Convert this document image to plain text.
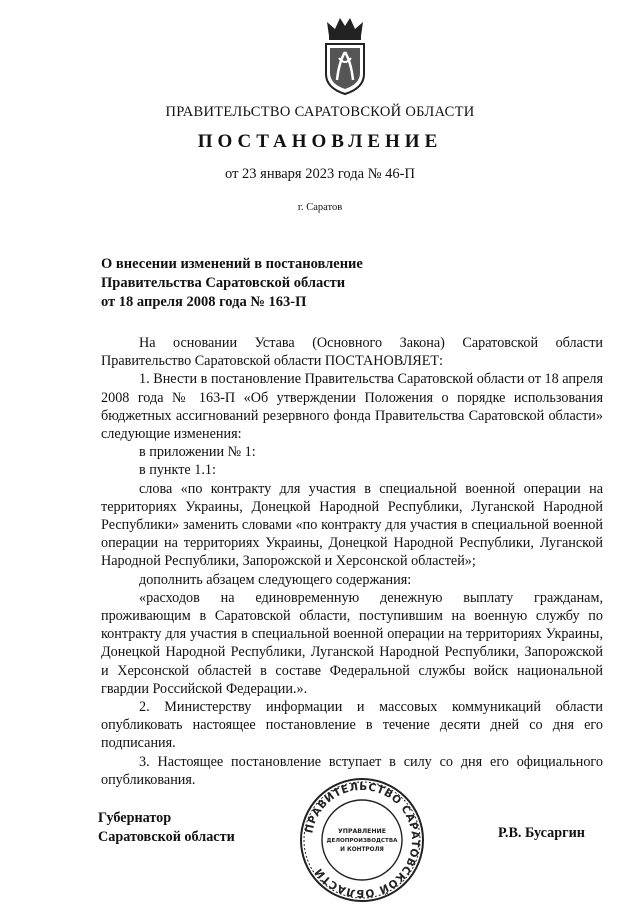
ПРАВИТЕЛЬСТВО САРАТОВСКОЙ ОБЛАСТИ
ПОСТАНОВЛЕНИЕ
от 23 января 2023 года № 46-П
г. Саратов
О внесении изменений в постановление
Правительства Саратовской области
от 18 апреля 2008 года № 163-П

На основании Устава (Основного Закона) Саратовской области Правительство Саратовской области ПОСТАНОВЛЯЕТ:

1. Внести в постановление Правительства Саратовской области от 18 апреля 2008 года № 163-П «Об утверждении Положения о порядке использования бюджетных ассигнований резервного фонда Правительства Саратовской области» следующие изменения:

в приложении № 1:

в пункте 1.1:

слова «по контракту для участия в специальной военной операции на территориях Украины, Донецкой Народной Республики, Луганской Народной Республики» заменить словами «по контракту для участия в специальной военной операции на территориях Украины, Донецкой Народной Республики, Луганской Народной Республики, Запорожской и Херсонской областей»;

дополнить абзацем следующего содержания:

«расходов на единовременную денежную выплату гражданам, проживающим в Саратовской области, поступившим на военную службу по контракту для участия в специальной военной операции на территориях Украины, Донецкой Народной Республики, Луганской Народной Республики, Запорожской и Херсонской областей в составе Федеральной службы войск национальной гвардии Российской Федерации.».

2. Министерству информации и массовых коммуникаций области опубликовать настоящее постановление в течение десяти дней со дня его подписания.

3. Настоящее постановление вступает в силу со дня его официального опубликования.

Губернатор
Саратовской области
ПРАВИТЕЛЬСТВО САРАТОВСКОЙ ОБЛАСТИ
УПРАВЛЕНИЕ
ДЕЛОПРОИЗВОДСТВА
И КОНТРОЛЯ
Р.В. Бусаргин
